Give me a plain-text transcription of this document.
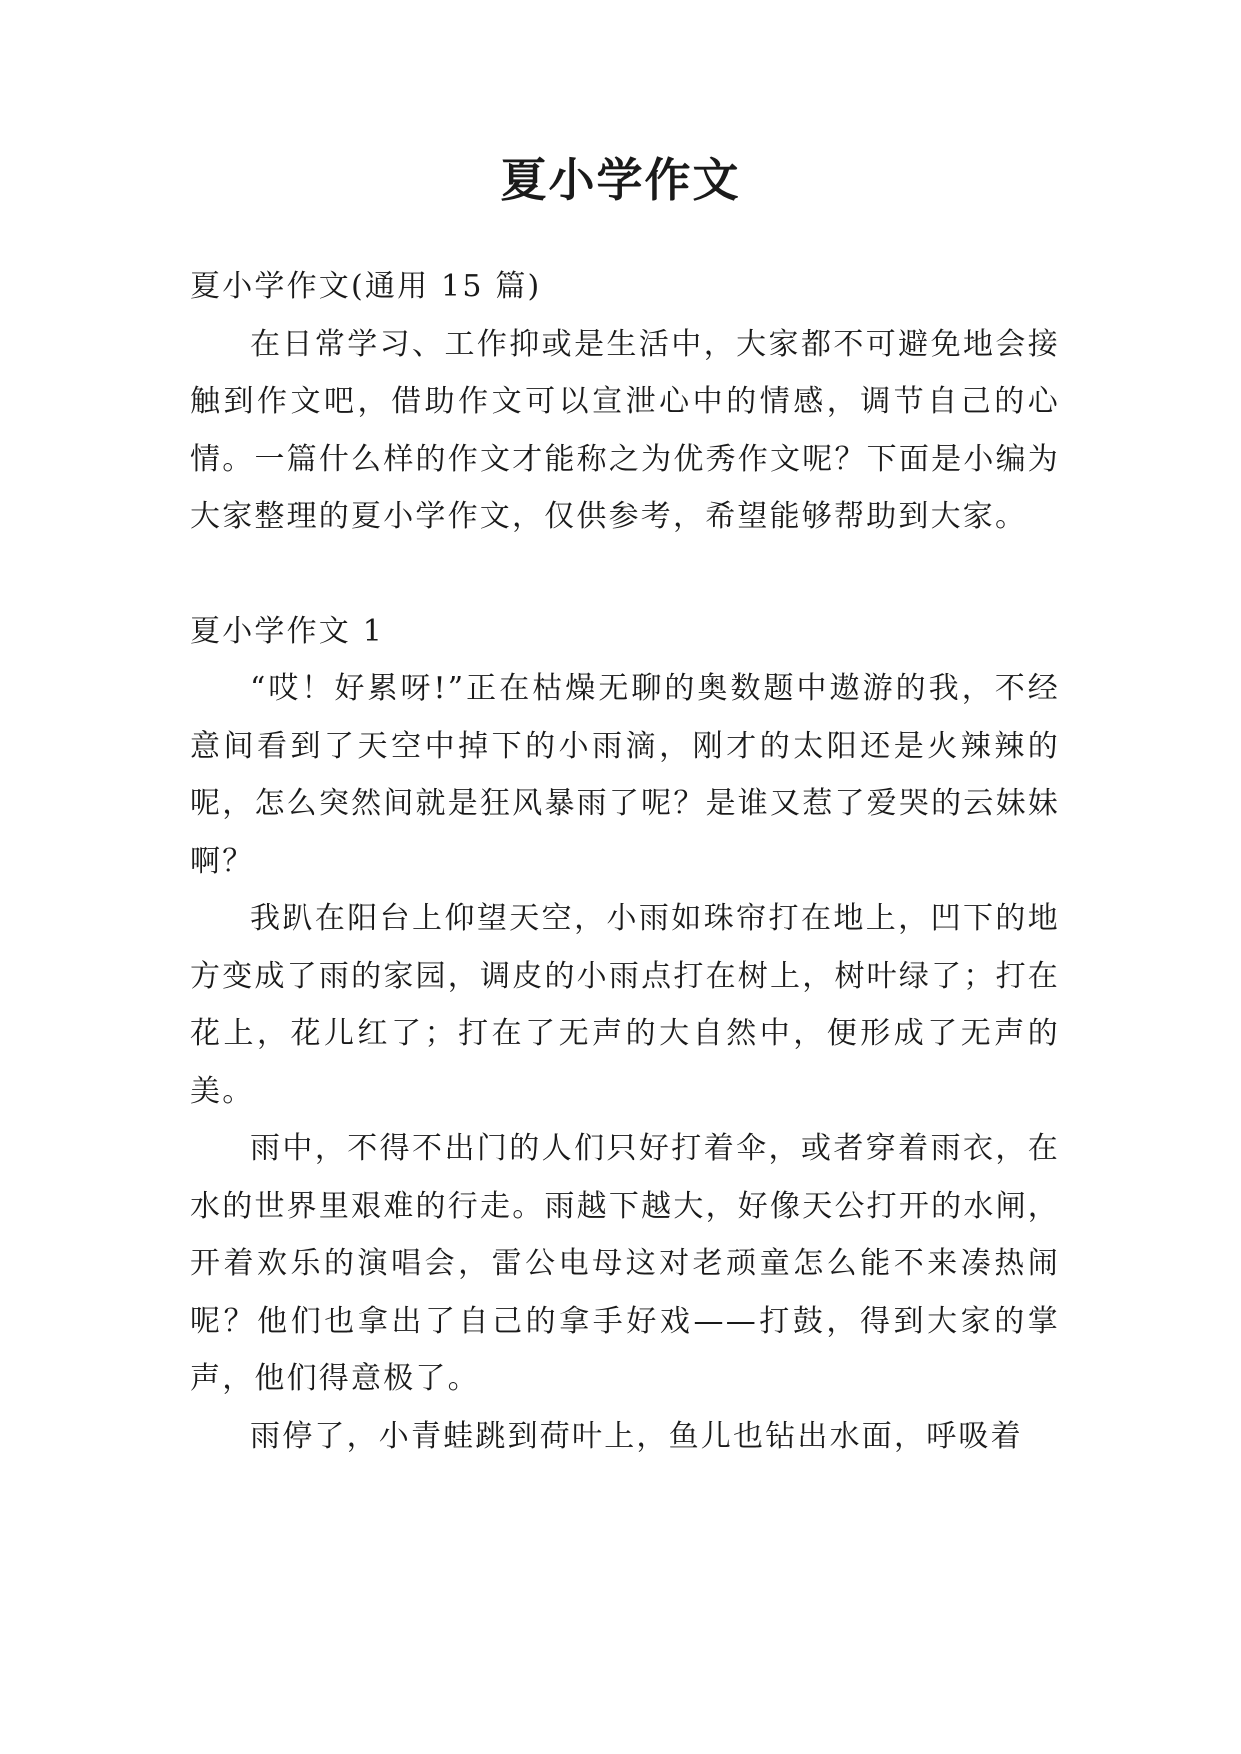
夏小学作文

夏小学作文(通用 15 篇)

在日常学习、工作抑或是生活中，大家都不可避免地会接触到作文吧，借助作文可以宣泄心中的情感，调节自己的心情。一篇什么样的作文才能称之为优秀作文呢？下面是小编为大家整理的夏小学作文，仅供参考，希望能够帮助到大家。

夏小学作文 1

“哎！好累呀!”正在枯燥无聊的奥数题中遨游的我，不经意间看到了天空中掉下的小雨滴，刚才的太阳还是火辣辣的呢，怎么突然间就是狂风暴雨了呢？是谁又惹了爱哭的云妹妹啊？

我趴在阳台上仰望天空，小雨如珠帘打在地上，凹下的地方变成了雨的家园，调皮的小雨点打在树上，树叶绿了；打在花上，花儿红了；打在了无声的大自然中，便形成了无声的美。

雨中，不得不出门的人们只好打着伞，或者穿着雨衣，在水的世界里艰难的行走。雨越下越大，好像天公打开的水闸，开着欢乐的演唱会，雷公电母这对老顽童怎么能不来凑热闹呢？他们也拿出了自己的拿手好戏——打鼓，得到大家的掌声，他们得意极了。

雨停了，小青蛙跳到荷叶上，鱼儿也钻出水面，呼吸着
